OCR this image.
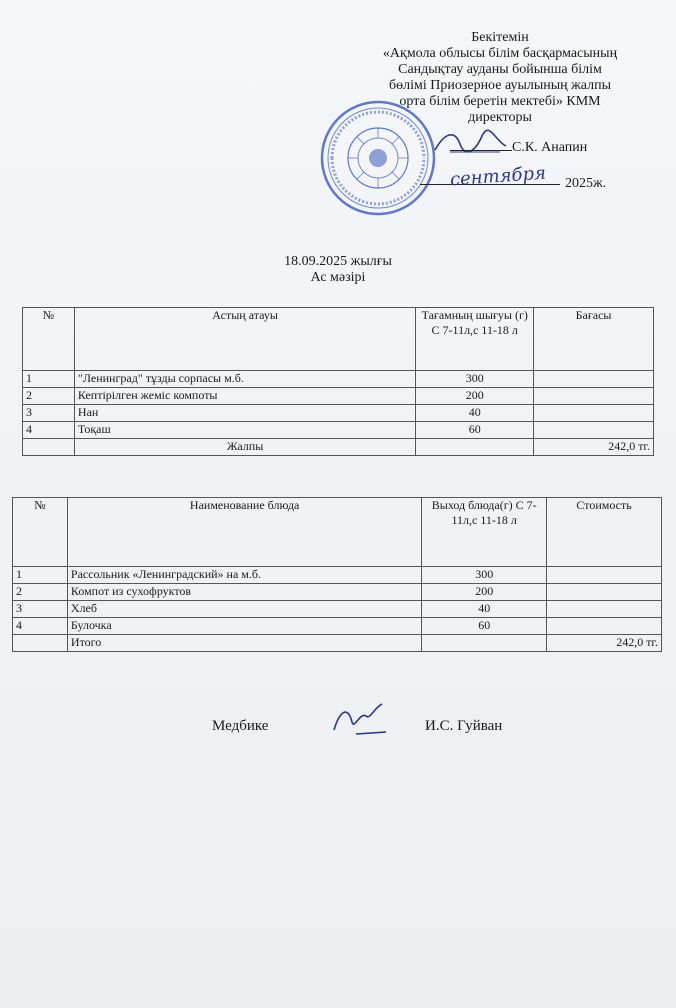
Бекітемін
«Ақмола облысы білім басқармасының
Сандықтау ауданы бойынша білім
бөлімі Приозерное ауылының жалпы
орта білім беретін мектебі» КММ
директоры
С.К. Анапин
сентября 2025ж.
18.09.2025 жылғы
Ас мәзірі
№	Астың атауы	Тағамның шығуы (г) С 7-11л,с 11-18 л	Бағасы
1	"Ленинград" тұзды сорпасы м.б.	300	
2	Кептірілген жеміс компоты	200	
3	Нан	40	
4	Тоқаш	60	
	Жалпы		242,0 тг.
№	Наименование блюда	Выход блюда(г) С 7-11л,с 11-18 л	Стоимость
1	Рассольник «Ленинградский» на м.б.	300	
2	Компот из сухофруктов	200	
3	Хлеб	40	
4	Булочка	60	
	Итого		242,0 тг.
Медбике	И.С. Гуйван
